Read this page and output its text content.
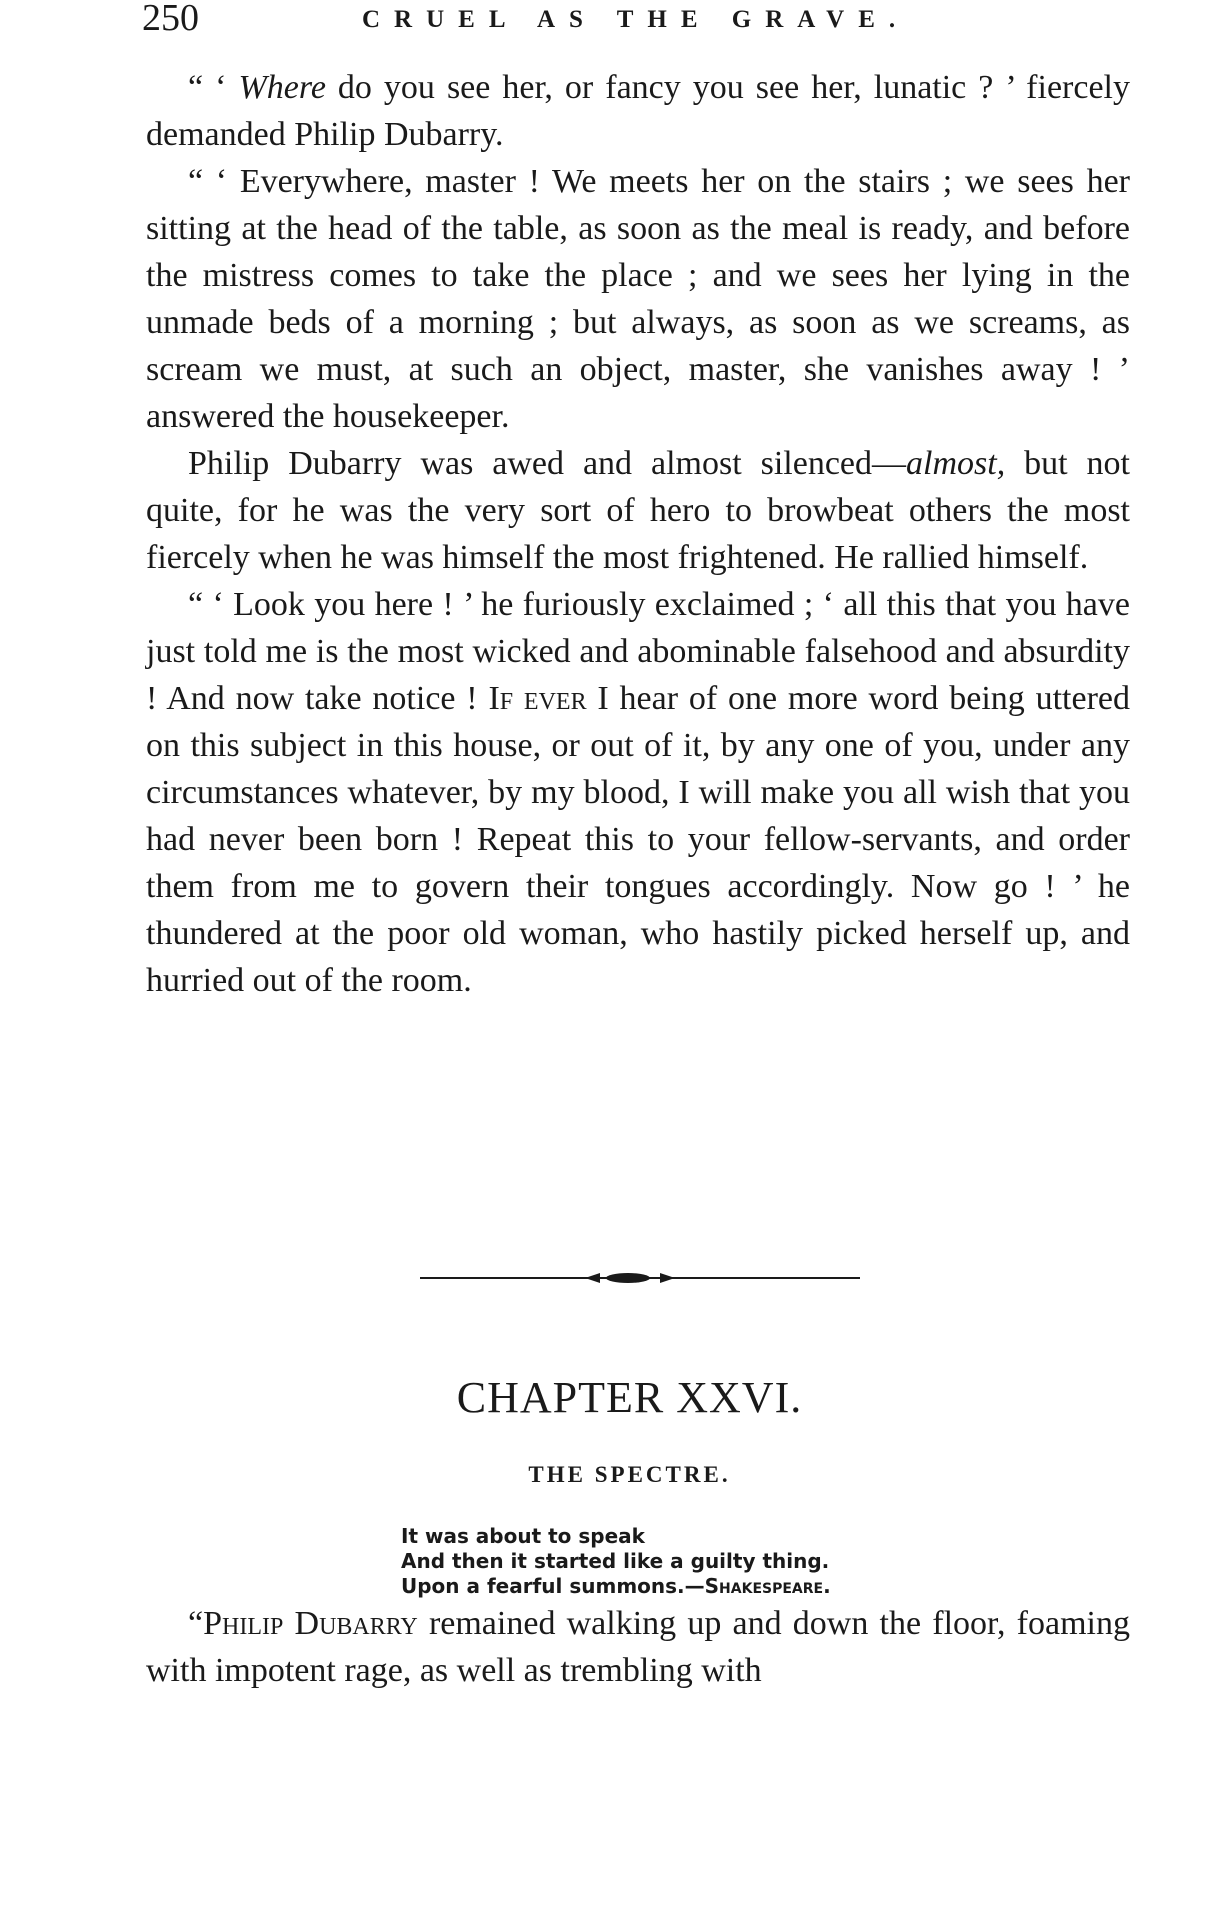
250	CRUEL AS THE GRAVE.

“ ‘ Where do you see her, or fancy you see her, lunatic ? ’ fiercely demanded Philip Dubarry.

“ ‘ Everywhere, master ! We meets her on the stairs ; we sees her sitting at the head of the table, as soon as the meal is ready, and before the mistress comes to take the place ; and we sees her lying in the unmade beds of a morning ; but always, as soon as we screams, as scream we must, at such an object, master, she vanishes away ! ’ answered the housekeeper.

Philip Dubarry was awed and almost silenced—almost, but not quite, for he was the very sort of hero to browbeat others the most fiercely when he was himself the most frightened. He rallied himself.

“ ‘ Look you here ! ’ he furiously exclaimed ; ‘ all this that you have just told me is the most wicked and abominable falsehood and absurdity ! And now take notice ! If ever I hear of one more word being uttered on this subject in this house, or out of it, by any one of you, under any circumstances whatever, by my blood, I will make you all wish that you had never been born ! Repeat this to your fellow-servants, and order them from me to govern their tongues accordingly. Now go ! ’ he thundered at the poor old woman, who hastily picked herself up, and hurried out of the room.

CHAPTER XXVI.
THE SPECTRE.
It was about to speak
And then it started like a guilty thing.
Upon a fearful summons.—Shakespeare.

“Philip Dubarry remained walking up and down the floor, foaming with impotent rage, as well as trembling with
